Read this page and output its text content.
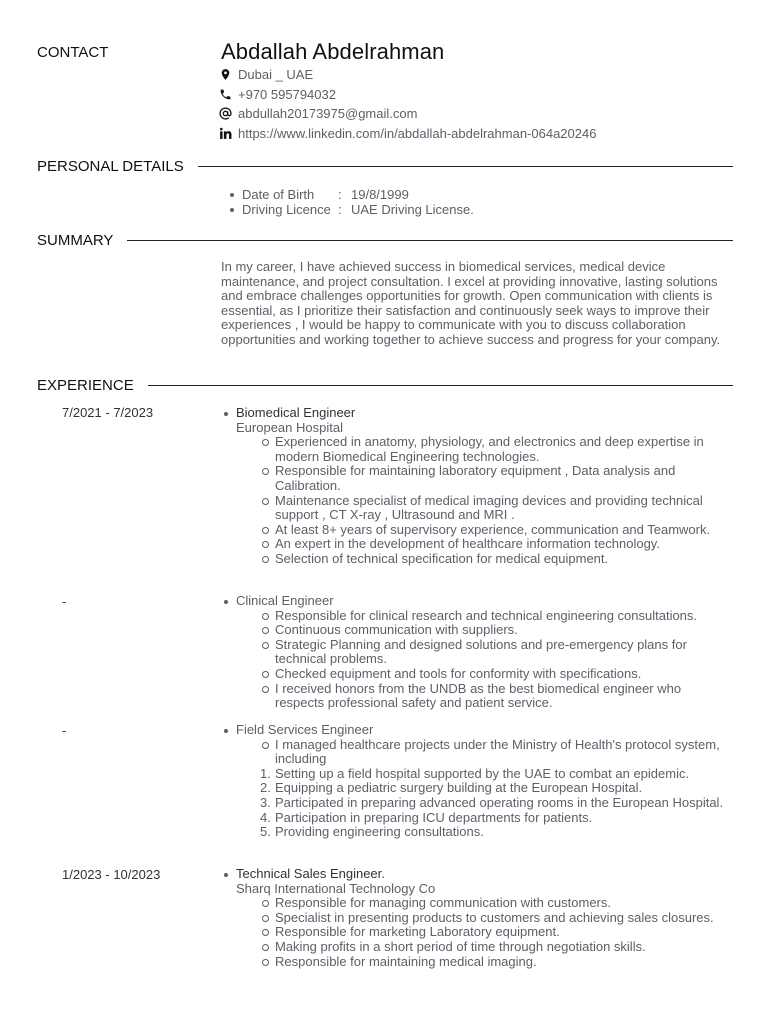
CONTACT	Abdallah Abdelrahman
Dubai _ UAE
+970 595794032
abdullah20173975@gmail.com
https://www.linkedin.com/in/abdallah-abdelrahman-064a20246
PERSONAL DETAILS
Date of Birth	: 19/8/1999
Driving Licence : UAE Driving License.
SUMMARY
In my career, I have achieved success in biomedical services, medical device maintenance, and project consultation. I excel at providing innovative, lasting solutions and embrace challenges opportunities for growth. Open communication with clients is essential, as I prioritize their satisfaction and continuously seek ways to improve their experiences , I would be happy to communicate with you to discuss collaboration opportunities and working together to achieve success and progress for your company.
EXPERIENCE
7/2021 - 7/2023	Biomedical Engineer
European Hospital
Experienced in anatomy, physiology, and electronics and deep expertise in modern Biomedical Engineering technologies.
Responsible for maintaining laboratory equipment , Data analysis and Calibration.
Maintenance specialist of medical imaging devices and providing technical support , CT X-ray , Ultrasound and MRI .
At least 8+ years of supervisory experience, communication and Teamwork.
An expert in the development of healthcare information technology.
Selection of technical specification for medical equipment.
-	Clinical Engineer
Responsible for clinical research and technical engineering consultations.
Continuous communication with suppliers.
Strategic Planning and designed solutions and pre-emergency plans for technical problems.
Checked equipment and tools for conformity with specifications.
I received honors from the UNDB as the best biomedical engineer who respects professional safety and patient service.
-	Field Services Engineer
I managed healthcare projects under the Ministry of Health's protocol system, including
1. Setting up a field hospital supported by the UAE to combat an epidemic.
2. Equipping a pediatric surgery building at the European Hospital.
3. Participated in preparing advanced operating rooms in the European Hospital.
4. Participation in preparing ICU departments for patients.
5. Providing engineering consultations.
1/2023 - 10/2023	Technical Sales Engineer.
Sharq International Technology Co
Responsible for managing communication with customers.
Specialist in presenting products to customers and achieving sales closures.
Responsible for marketing Laboratory equipment.
Making profits in a short period of time through negotiation skills.
Responsible for maintaining medical imaging.
